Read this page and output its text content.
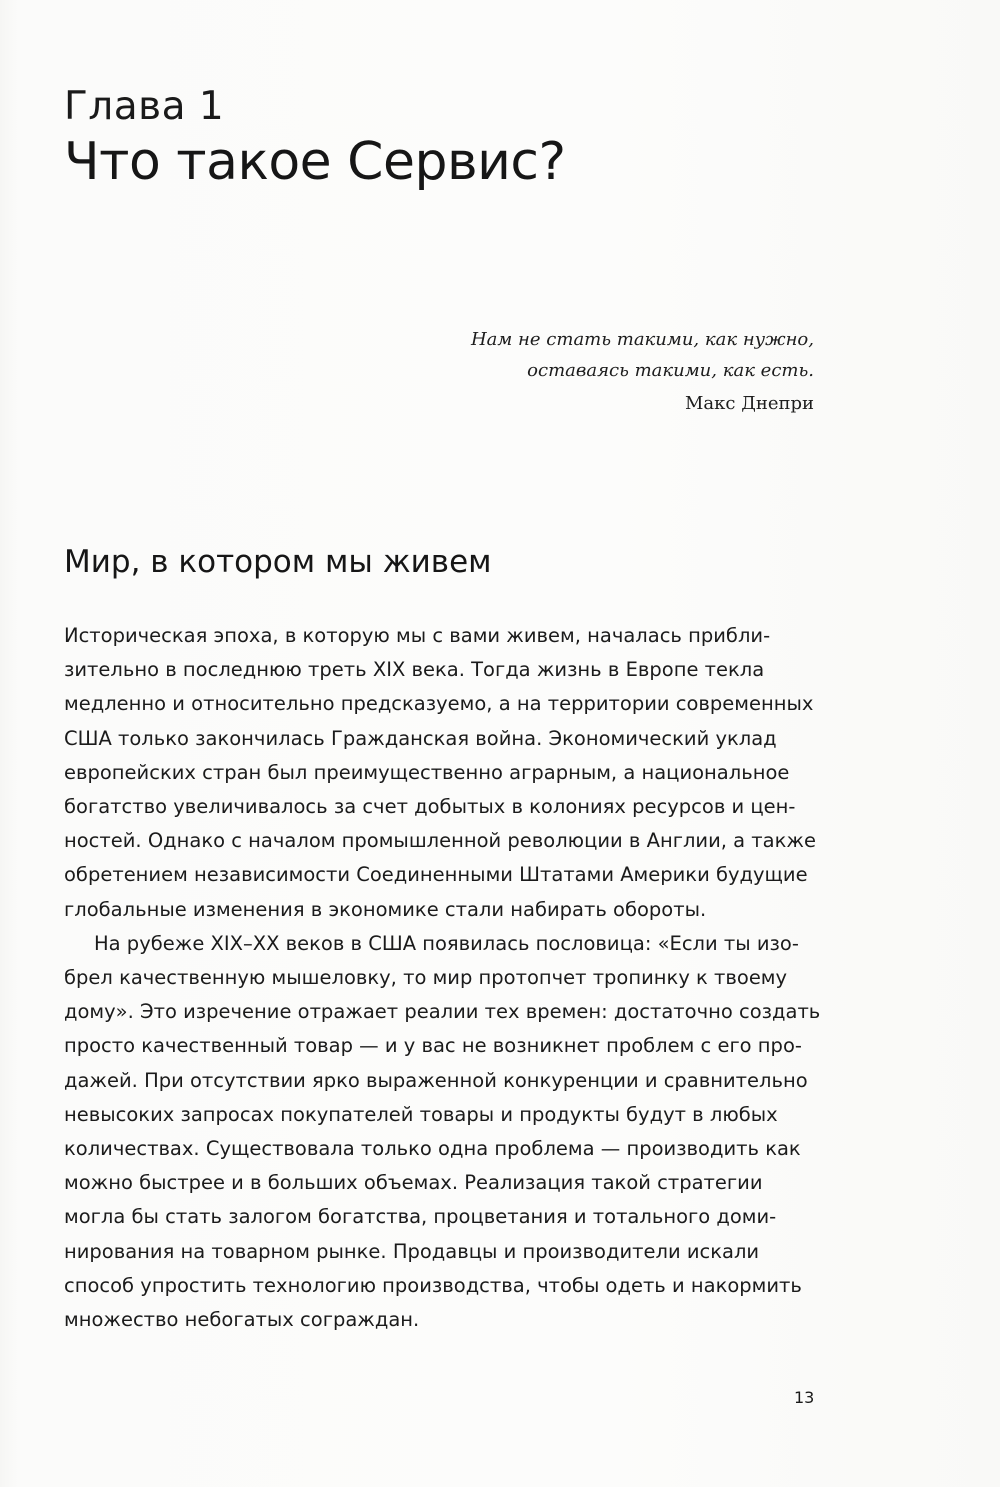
Глава 1
Что такое Сервис?
Нам не стать такими, как нужно,
оставаясь такими, как есть.
Макс Днепри
Мир, в котором мы живем
Историческая эпоха, в которую мы с вами живем, началась прибли-
зительно в последнюю треть XIX века. Тогда жизнь в Европе текла
медленно и относительно предсказуемо, а на территории современных
США только закончилась Гражданская война. Экономический уклад
европейских стран был преимущественно аграрным, а национальное
богатство увеличивалось за счет добытых в колониях ресурсов и цен-
ностей. Однако с началом промышленной революции в Англии, а также
обретением независимости Соединенными Штатами Америки будущие
глобальные изменения в экономике стали набирать обороты.
На рубеже XIX–XX веков в США появилась пословица: «Если ты изо-
брел качественную мышеловку, то мир протопчет тропинку к твоему
дому». Это изречение отражает реалии тех времен: достаточно создать
просто качественный товар — и у вас не возникнет проблем с его про-
дажей. При отсутствии ярко выраженной конкуренции и сравнительно
невысоких запросах покупателей товары и продукты будут в любых
количествах. Существовала только одна проблема — производить как
можно быстрее и в больших объемах. Реализация такой стратегии
могла бы стать залогом богатства, процветания и тотального доми-
нирования на товарном рынке. Продавцы и производители искали
способ упростить технологию производства, чтобы одеть и накормить
множество небогатых сограждан.
13
